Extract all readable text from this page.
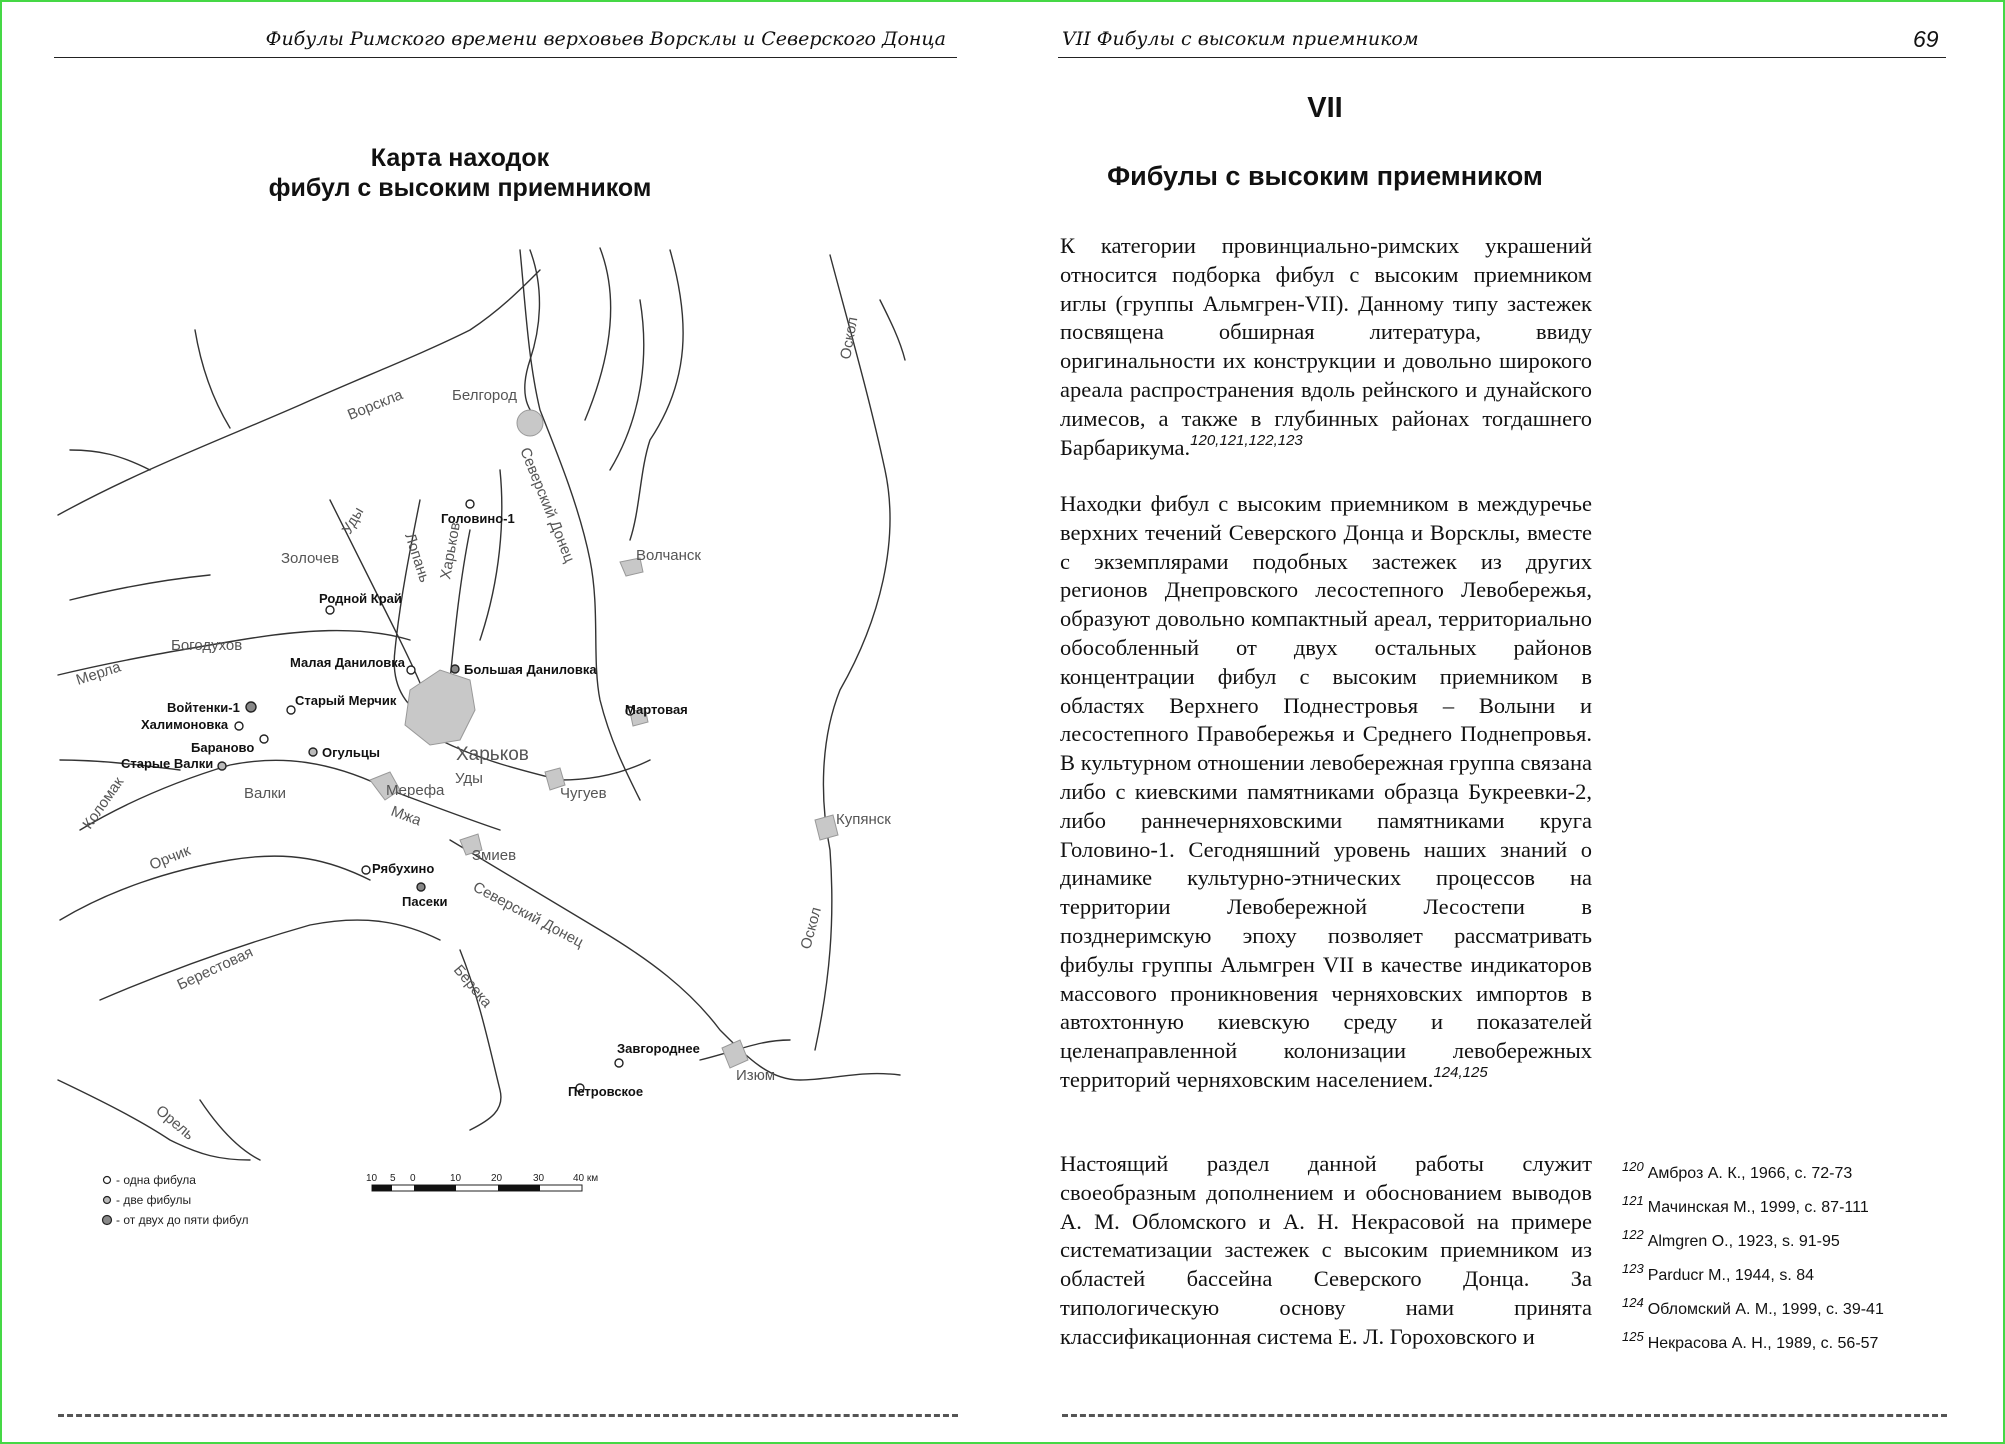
Фибулы Римского времени верховьев Ворсклы и Северского Донца
Карта находок
фибул с высоким приемником
Ворскла
Уды
Лопань Харьков	Северский Донец
Мерла
Коломак	Уды
Мжа
Орчик
Берестовая
Северский Донец
Берека
Орель
Оскол
Оскол
Белгород
Волчанск
Золочев
Богодухов
Харьков
Валки	Мерефа	Чугуев
Купянск
Змиев
Изюм
Головино-1
Родной Край
Малая Даниловка	Большая Даниловка
Войтенки-1	Старый Мерчик
Халимоновка
Бараново	Огульцы
Старые Валки
Мартовая
Рябухино
Пасеки
Завгороднее
Петровское
- одна фибула
- две фибулы
- от двух до пяти фибул
10 5 0	10	20	30	40 км
VII Фибулы с высоким приемником	69
VII
Фибулы с высоким приемником
К категории провинциально-римских украшений относится подборка фибул с высоким приемником иглы (группы Альмгрен-VII). Данному типу застежек посвящена обширная литература, ввиду оригинальности их конструкции и довольно широкого ареала распространения вдоль рейнского и дунайского лимесов, а также в глубинных районах тогдашнего Барбарикума.$^{120,121,122,123}$
Находки фибул с высоким приемником в междуречье верхних течений Северского Донца и Ворсклы, вместе с экземплярами подобных застежек из других регионов Днепровского лесостепного Левобережья, образуют довольно компактный ареал, территориально обособленный от двух остальных районов концентрации фибул с высоким приемником в областях Верхнего Поднестровья – Волыни и лесостепного Правобережья и Среднего Поднепровья. В культурном отношении левобережная группа связана либо с киевскими памятниками образца Букреевки-2, либо раннечерняховскими памятниками круга Головино-1. Сегодняшний уровень наших знаний о динамике культурно-этнических процессов на территории Левобережной Лесостепи в позднеримскую эпоху позволяет рассматривать фибулы группы Альмгрен VII в качестве индикаторов массового проникновения черняховских импортов в автохтонную киевскую среду и показателей целенаправленной колонизации левобережных территорий черняховским населением.$^{124,125}$
Настоящий раздел данной работы служит своеобразным дополнением и обоснованием выводов А. М. Обломского и А. Н. Некрасовой на примере систематизации застежек с высоким приемником из областей бассейна Северского Донца. За типологическую основу нами принята классификационная система Е. Л. Гороховского и
$^{120}$ Амброз А. К., 1966, с. 72-73
$^{121}$ Мачинская М., 1999, с. 87-111
$^{122}$ Almgren O., 1923, s. 91-95
$^{123}$ Parducr M., 1944, s. 84
$^{124}$ Обломский А. М., 1999, с. 39-41
$^{125}$ Некрасова А. Н., 1989, с. 56-57
